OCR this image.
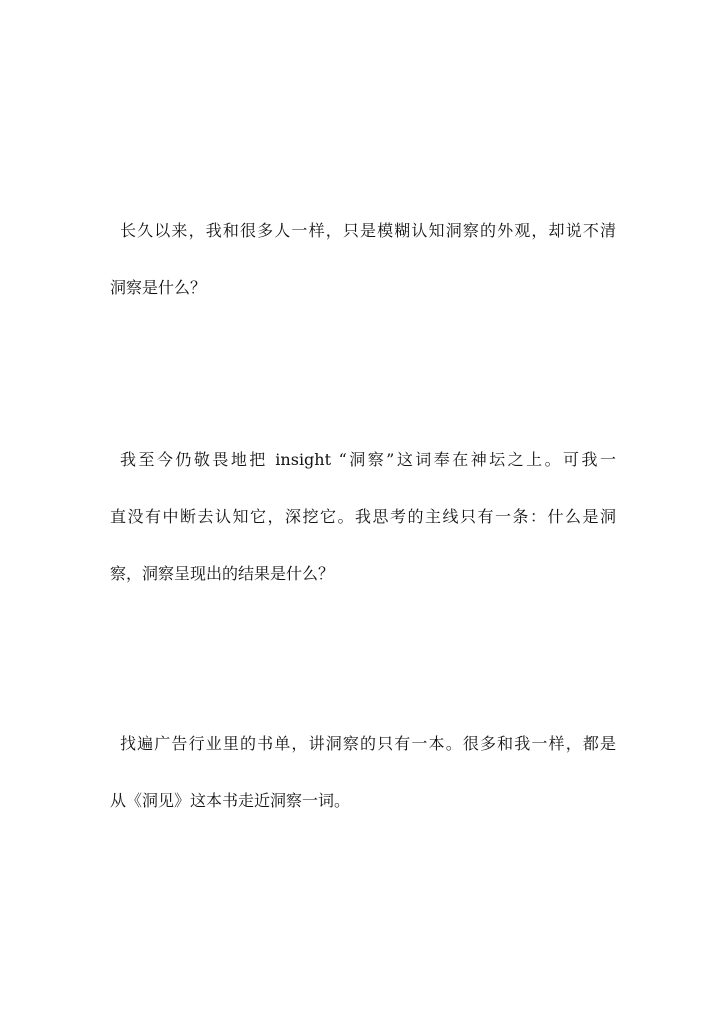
长久以来，我和很多人一样，只是模糊认知洞察的外观，却说不清
洞察是什么？
我至今仍敬畏地把 insight “洞察”这词奉在神坛之上。可我一
直没有中断去认知它，深挖它。我思考的主线只有一条：什么是洞
察，洞察呈现出的结果是什么？
找遍广告行业里的书单，讲洞察的只有一本。很多和我一样，都是
从《洞见》这本书走近洞察一词。
